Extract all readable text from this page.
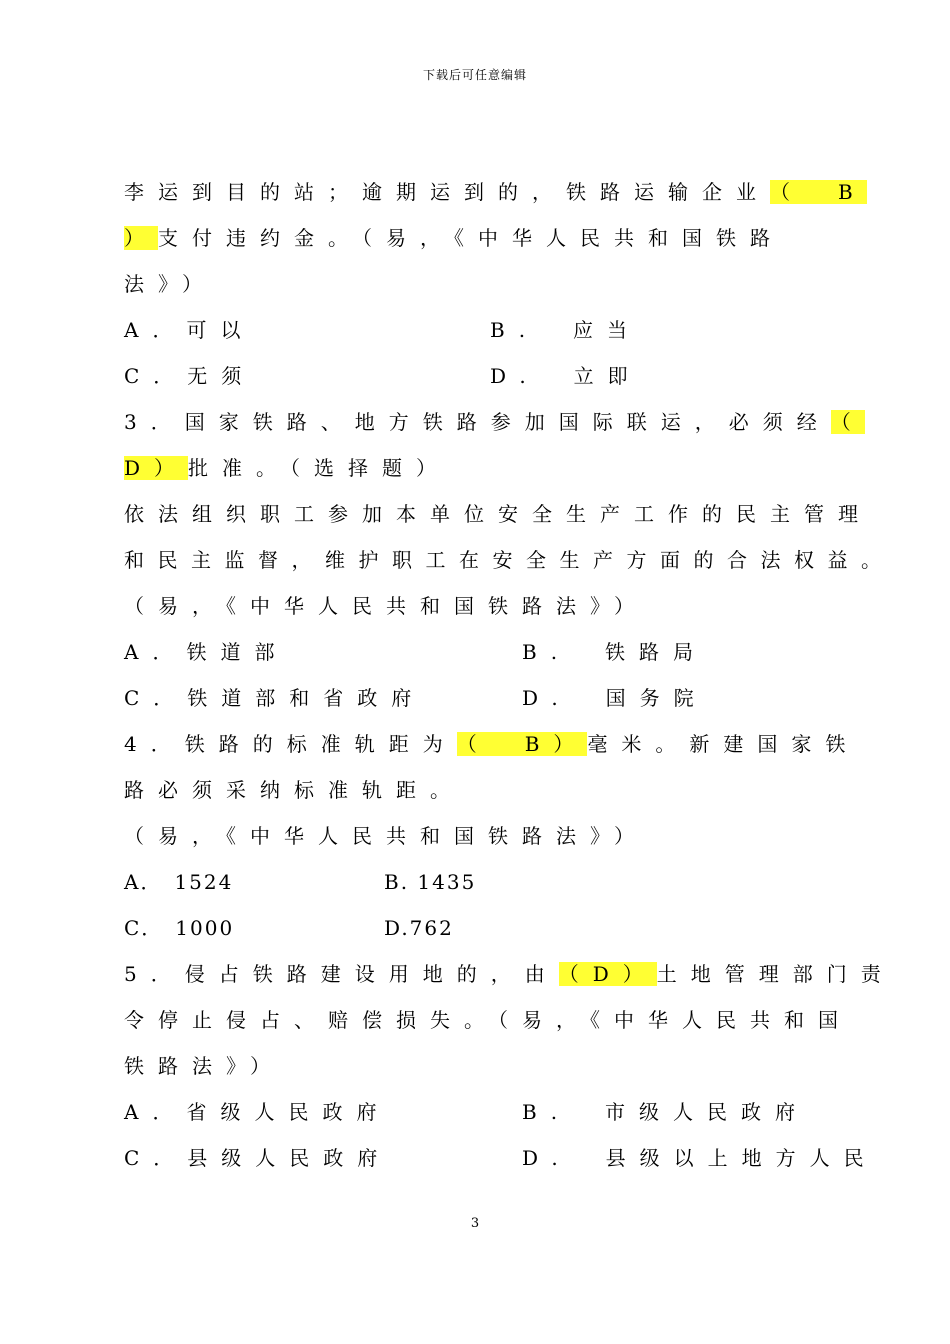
下载后可任意编辑
李运到目的站；逾期运到的，铁路运输企业（　B
）支付违约金。（易，《中华人民共和国铁路
法》）
A．可以	B.　应当
C．无须	D.　立即
3．国家铁路、地方铁路参加国际联运，必须经（
D）批准。（选择题）
依法组织职工参加本单位安全生产工作的民主管理
和民主监督，维护职工在安全生产方面的合法权益。
（易，《中华人民共和国铁路法》）
A．铁道部	B.　铁路局
C．铁道部和省政府	D.　国务院
4．铁路的标准轨距为（　B）毫米。新建国家铁
路必须采纳标准轨距。
（易，《中华人民共和国铁路法》）
A．　1524	B. 1435
C．　1000	D.762
5．侵占铁路建设用地的，由（D）土地管理部门责
令停止侵占、赔偿损失。（易，《中华人民共和国
铁路法》）
A．省级人民政府	B.　市级人民政府
C．县级人民政府	D.　县级以上地方人民
3
